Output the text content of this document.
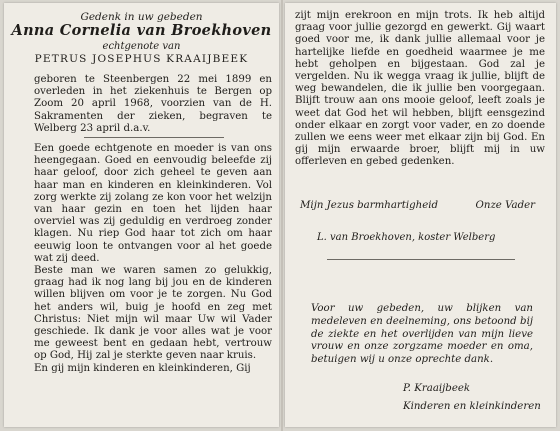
Gedenk in uw gebeden
Anna Cornelia van Broekhoven
echtgenote van
PETRUS JOSEPHUS KRAAIJBEEK
geboren te Steenbergen 22 mei 1899 en overleden in het ziekenhuis te Bergen op Zoom 20 april 1968, voorzien van de H. Sakramenten der zieken, begraven te Welberg 23 april d.a.v.

Een goede echtgenote en moeder is van ons heengegaan. Goed en eenvoudig beleefde zij haar geloof, door zich geheel te geven aan haar man en kinderen en kleinkinderen. Vol zorg werkte zij zolang ze kon voor het welzijn van haar gezin en toen het lijden haar overviel was zij geduldig en verdroeg zonder klagen. Nu riep God haar tot zich om haar eeuwig loon te ontvangen voor al het goede wat zij deed.

Beste man we waren samen zo gelukkig, graag had ik nog lang bij jou en de kinderen willen blijven om voor je te zorgen. Nu God het anders wil, buig je hoofd en zeg met Christus: Niet mijn wil maar Uw wil Vader geschiede. Ik dank je voor alles wat je voor me geweest bent en gedaan hebt, vertrouw op God, Hij zal je sterkte geven naar kruis.

En gij mijn kinderen en kleinkinderen, Gij

zijt mijn erekroon en mijn trots. Ik heb altijd graag voor jullie gezorgd en gewerkt. Gij waart goed voor me, ik dank jullie allemaal voor je hartelijke liefde en goedheid waarmee je me hebt geholpen en bijgestaan. God zal je vergelden. Nu ik wegga vraag ik jullie, blijft de weg bewandelen, die ik jullie ben voorgegaan. Blijft trouw aan ons mooie geloof, leeft zoals je weet dat God het wil hebben, blijft eensgezind onder elkaar en zorgt voor vader, en zo doende zullen we eens weer met elkaar zijn bij God. En gij mijn erwaarde broer, blijft mij in uw offerleven en gebed gedenken.
Mijn Jezus barmhartigheid	Onze Vader
L. van Broekhoven, koster Welberg
Voor uw gebeden, uw blijken van medeleven en deelneming, ons betoond bij de ziekte en het overlijden van mijn lieve vrouw en onze zorgzame moeder en oma, betuigen wij u onze oprechte dank.
P. Kraaijbeek
Kinderen en kleinkinderen
